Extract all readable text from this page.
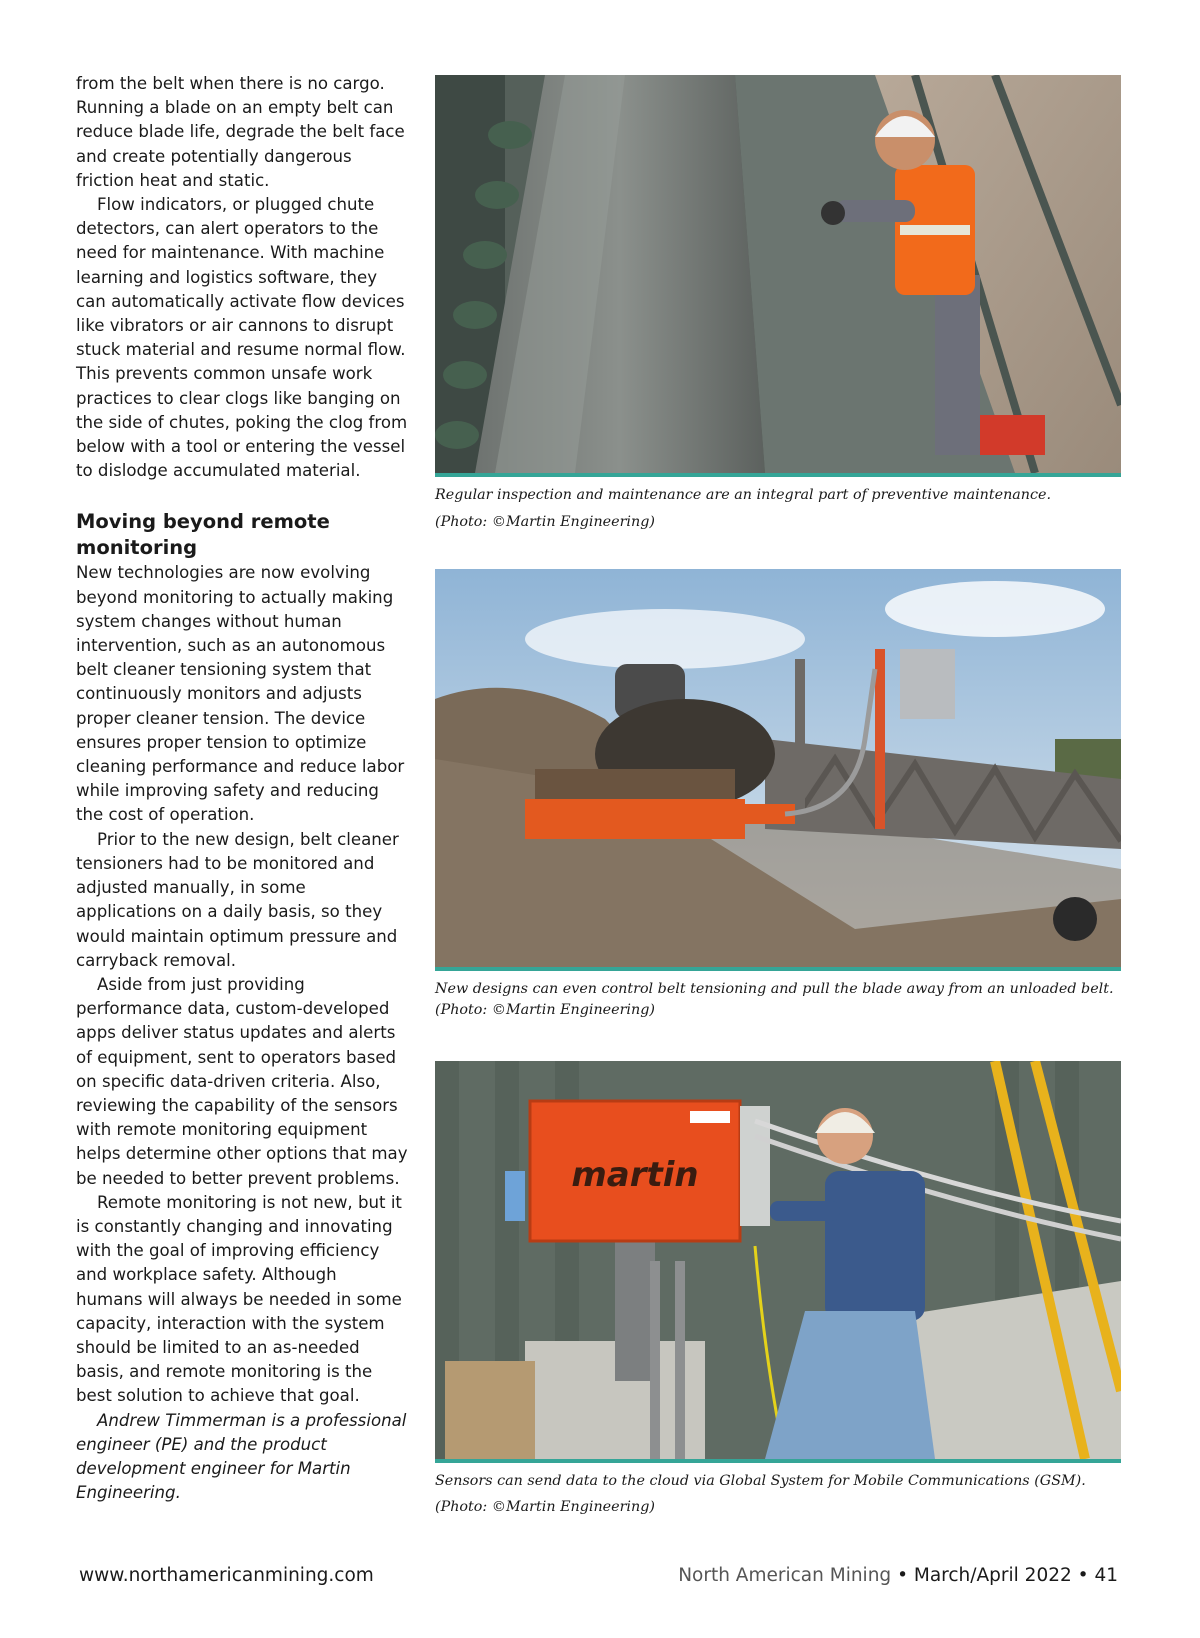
from the belt when there is no cargo. Running a blade on an empty belt can reduce blade life, degrade the belt face and create potentially dangerous friction heat and static.

Flow indicators, or plugged chute detectors, can alert operators to the need for maintenance. With machine learning and logistics software, they can automatically activate flow devices like vibrators or air cannons to disrupt stuck material and resume normal flow. This prevents common unsafe work practices to clear clogs like banging on the side of chutes, poking the clog from below with a tool or entering the vessel to dislodge accumulated material.

Moving beyond remote monitoring

New technologies are now evolving beyond monitoring to actually making system changes without human intervention, such as an autonomous belt cleaner tensioning system that continuously monitors and adjusts proper cleaner tension. The device ensures proper tension to optimize cleaning performance and reduce labor while improving safety and reducing the cost of operation.

Prior to the new design, belt cleaner tensioners had to be monitored and adjusted manually, in some applications on a daily basis, so they would maintain optimum pressure and carryback removal.

Aside from just providing performance data, custom-developed apps deliver status updates and alerts of equipment, sent to operators based on specific data-driven criteria. Also, reviewing the capability of the sensors with remote monitoring equipment helps determine other options that may be needed to better prevent problems.

Remote monitoring is not new, but it is constantly changing and innovating with the goal of improving efficiency and workplace safety. Although humans will always be needed in some capacity, interaction with the system should be limited to an as-needed basis, and remote monitoring is the best solution to achieve that goal.

Andrew Timmerman is a professional engineer (PE) and the product development engineer for Martin Engineering.

Regular inspection and maintenance are an integral part of preventive maintenance.
(Photo: ©Martin Engineering)
New designs can even control belt tensioning and pull the blade away from an unloaded belt.
(Photo: ©Martin Engineering)
martin
Sensors can send data to the cloud via Global System for Mobile Communications (GSM).
(Photo: ©Martin Engineering)
www.northamericanmining.com	North American Mining • March/April 2022 • 41
